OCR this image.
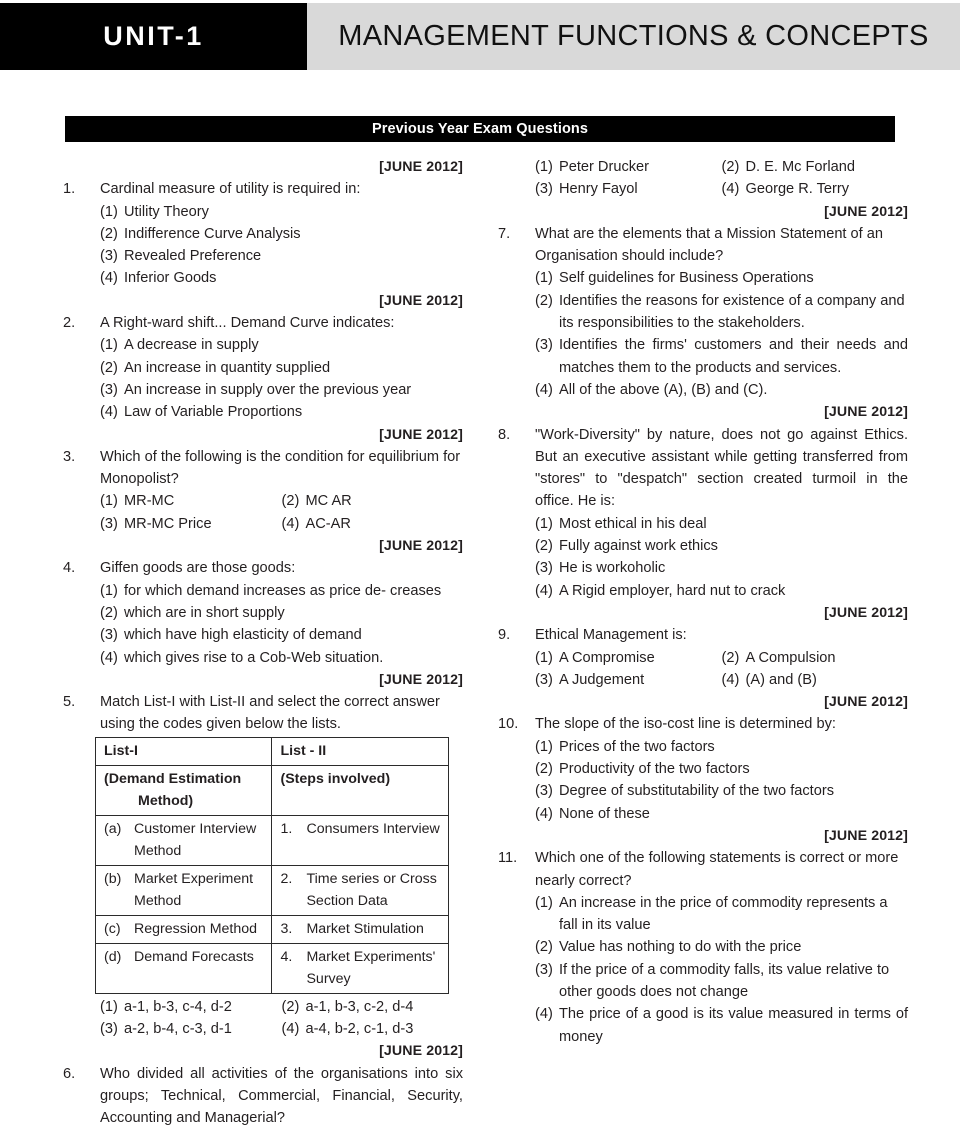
UNIT-1	MANAGEMENT FUNCTIONS & CONCEPTS
Previous Year Exam Questions
[JUNE 2012]
1.	Cardinal measure of utility is required in:
(1) Utility Theory
(2) Indifference Curve Analysis
(3) Revealed Preference
(4) Inferior Goods
[JUNE 2012]
2.	A Right-ward shift... Demand Curve indicates:
(1) A decrease in supply
(2) An increase in quantity supplied
(3) An increase in supply over the previous year
(4) Law of Variable Proportions
[JUNE 2012]
3.	Which of the following is the condition for equilibrium for Monopolist?
(1) MR-MC	(2) MC AR
(3) MR-MC Price	(4) AC-AR
[JUNE 2012]
4.	Giffen goods are those goods:
(1) for which demand increases as price de- creases
(2) which are in short supply
(3) which have high elasticity of demand
(4) which gives rise to a Cob-Web situation.
[JUNE 2012]
5.	Match List-I with List-II and select the correct answer using the codes given below the lists.
List-I	List - II
(Demand Estimation
Method)	(Steps involved)

(a) Customer Interview
Method	1. Consumers Interview

(b) Market Experiment
Method	2. Time series or Cross Section Data

(c) Regression Method	3. Market Stimulation

(d) Demand Forecasts	4. Market Experiments' Survey
(1) a-1, b-3, c-4, d-2	(2) a-1, b-3, c-2, d-4
(3) a-2, b-4, c-3, d-1	(4) a-4, b-2, c-1, d-3
[JUNE 2012]
6.	Who divided all activities of the organisations into six groups; Technical, Commercial, Financial, Security, Accounting and Managerial?
(1) Peter Drucker	(2) D. E. Mc Forland
(3) Henry Fayol	(4) George R. Terry
[JUNE 2012]
7.	What are the elements that a Mission Statement of an Organisation should include?
(1) Self guidelines for Business Operations
(2) Identifies the reasons for existence of a company and its responsibilities to the stakeholders.
(3) Identifies the firms' customers and their needs and matches them to the products and services.
(4) All of the above (A), (B) and (C).
[JUNE 2012]
8.	"Work-Diversity" by nature, does not go against Ethics. But an executive assistant while getting transferred from "stores" to "despatch" section created turmoil in the office. He is:
(1) Most ethical in his deal
(2) Fully against work ethics
(3) He is workoholic
(4) A Rigid employer, hard nut to crack
[JUNE 2012]
9.	Ethical Management is:
(1) A Compromise	(2) A Compulsion
(3) A Judgement	(4) (A) and (B)
[JUNE 2012]
10.	The slope of the iso-cost line is determined by:
(1) Prices of the two factors
(2) Productivity of the two factors
(3) Degree of substitutability of the two factors
(4) None of these
[JUNE 2012]
11.	Which one of the following statements is correct or more nearly correct?
(1) An increase in the price of commodity represents a fall in its value
(2) Value has nothing to do with the price
(3) If the price of a commodity falls, its value relative to other goods does not change
(4) The price of a good is its value measured in terms of money
